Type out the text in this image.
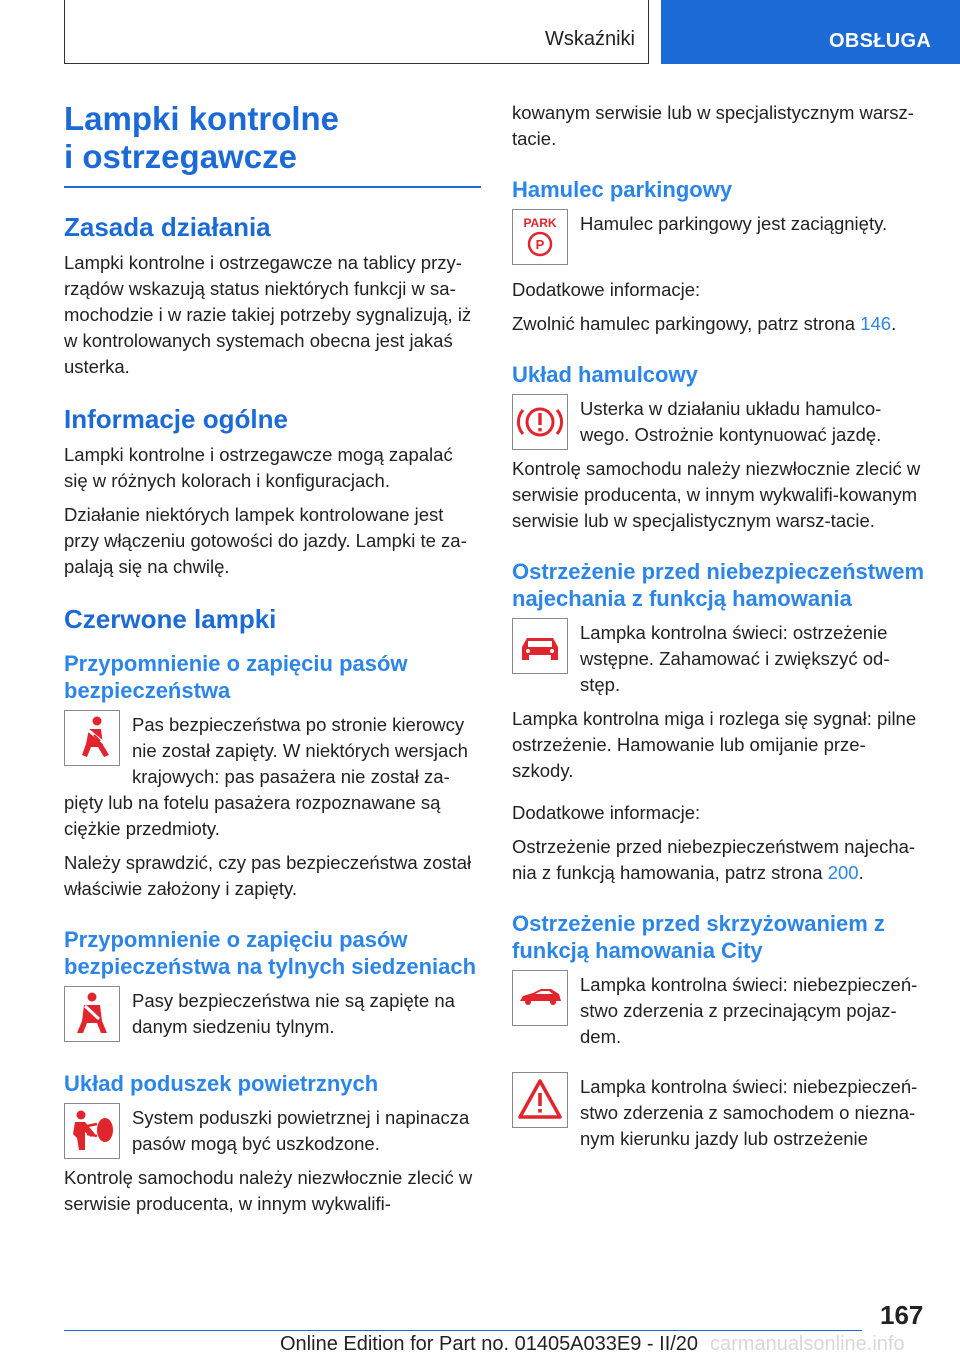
Wskaźniki	OBSŁUGA
Lampki kontrolne
i ostrzegawcze
Zasada działania

Lampki kontrolne i ostrzegawcze na tablicy przy-rządów wskazują status niektórych funkcji w sa-mochodzie i w razie takiej potrzeby sygnalizują, iż w kontrolowanych systemach obecna jest jakaś usterka.

Informacje ogólne

Lampki kontrolne i ostrzegawcze mogą zapalać się w różnych kolorach i konfiguracjach.

Działanie niektórych lampek kontrolowane jest przy włączeniu gotowości do jazdy. Lampki te za-palają się na chwilę.

Czerwone lampki
Przypomnienie o zapięciu pasów bezpieczeństwa

Pas bezpieczeństwa po stronie kierowcy nie został zapięty. W niektórych wersjach krajowych: pas pasażera nie został za-pięty lub na fotelu pasażera rozpoznawane są ciężkie przedmioty.

Należy sprawdzić, czy pas bezpieczeństwa został właściwie założony i zapięty.

Przypomnienie o zapięciu pasów bezpieczeństwa na tylnych siedzeniach

Pasy bezpieczeństwa nie są zapięte na danym siedzeniu tylnym.

Układ poduszek powietrznych

System poduszki powietrznej i napinacza pasów mogą być uszkodzone.

Kontrolę samochodu należy niezwłocznie zlecić w serwisie producenta, w innym wykwalifi-

kowanym serwisie lub w specjalistycznym warsz-tacie.

Hamulec parkingowy
PARK
P

Hamulec parkingowy jest zaciągnięty.

Dodatkowe informacje:

Zwolnić hamulec parkingowy, patrz strona 146.

Układ hamulcowy

Usterka w działaniu układu hamulco-wego. Ostrożnie kontynuować jazdę.

Kontrolę samochodu należy niezwłocznie zlecić w serwisie producenta, w innym wykwalifi-kowanym serwisie lub w specjalistycznym warsz-tacie.

Ostrzeżenie przed niebezpieczeństwem najechania z funkcją hamowania

Lampka kontrolna świeci: ostrzeżenie wstępne. Zahamować i zwiększyć od-stęp.

Lampka kontrolna miga i rozlega się sygnał: pilne ostrzeżenie. Hamowanie lub omijanie prze-szkody.

Dodatkowe informacje:

Ostrzeżenie przed niebezpieczeństwem najecha-nia z funkcją hamowania, patrz strona 200.

Ostrzeżenie przed skrzyżowaniem z funkcją hamowania City

Lampka kontrolna świeci: niebezpieczeń-stwo zderzenia z przecinającym pojaz-dem.

Lampka kontrolna świeci: niebezpieczeń-stwo zderzenia z samochodem o niezna-nym kierunku jazdy lub ostrzeżenie

167
Online Edition for Part no. 01405A033E9 - II/20 carmanualsonline.info
